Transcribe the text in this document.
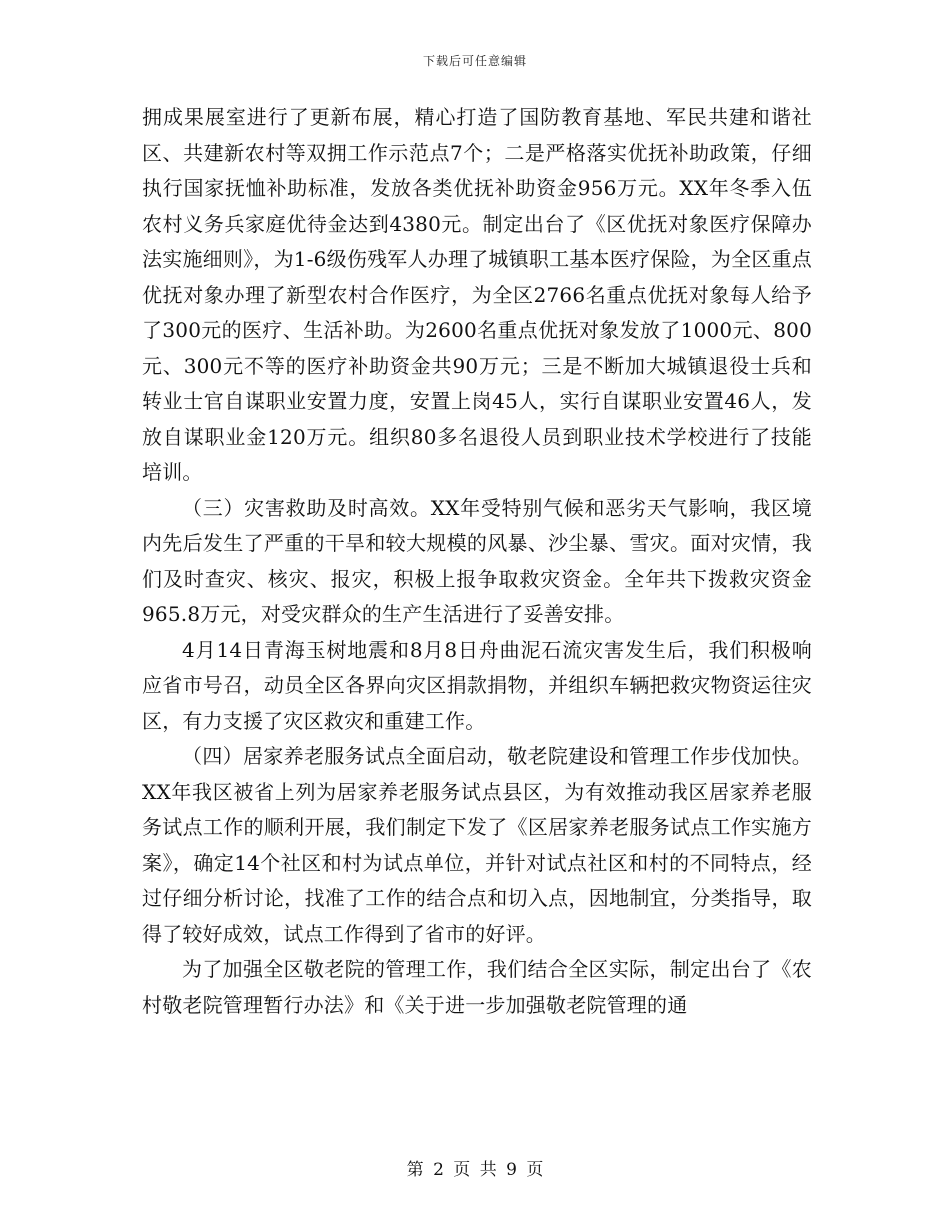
下载后可任意编辑

拥成果展室进行了更新布展，精心打造了国防教育基地、军民共建和谐社区、共建新农村等双拥工作示范点7个；二是严格落实优抚补助政策，仔细执行国家抚恤补助标准，发放各类优抚补助资金956万元。XX年冬季入伍农村义务兵家庭优待金达到4380元。制定出台了《区优抚对象医疗保障办法实施细则》，为1-6级伤残军人办理了城镇职工基本医疗保险，为全区重点优抚对象办理了新型农村合作医疗，为全区2766名重点优抚对象每人给予了300元的医疗、生活补助。为2600名重点优抚对象发放了1000元、800元、300元不等的医疗补助资金共90万元；三是不断加大城镇退役士兵和转业士官自谋职业安置力度，安置上岗45人，实行自谋职业安置46人，发放自谋职业金120万元。组织80多名退役人员到职业技术学校进行了技能培训。

（三）灾害救助及时高效。XX年受特别气候和恶劣天气影响，我区境内先后发生了严重的干旱和较大规模的风暴、沙尘暴、雪灾。面对灾情，我们及时查灾、核灾、报灾，积极上报争取救灾资金。全年共下拨救灾资金965.8万元，对受灾群众的生产生活进行了妥善安排。

4月14日青海玉树地震和8月8日舟曲泥石流灾害发生后，我们积极响应省市号召，动员全区各界向灾区捐款捐物，并组织车辆把救灾物资运往灾区，有力支援了灾区救灾和重建工作。

（四）居家养老服务试点全面启动，敬老院建设和管理工作步伐加快。XX年我区被省上列为居家养老服务试点县区，为有效推动我区居家养老服务试点工作的顺利开展，我们制定下发了《区居家养老服务试点工作实施方案》，确定14个社区和村为试点单位，并针对试点社区和村的不同特点，经过仔细分析讨论，找准了工作的结合点和切入点，因地制宜，分类指导，取得了较好成效，试点工作得到了省市的好评。

为了加强全区敬老院的管理工作，我们结合全区实际，制定出台了《农村敬老院管理暂行办法》和《关于进一步加强敬老院管理的通

第 2 页 共 9 页
